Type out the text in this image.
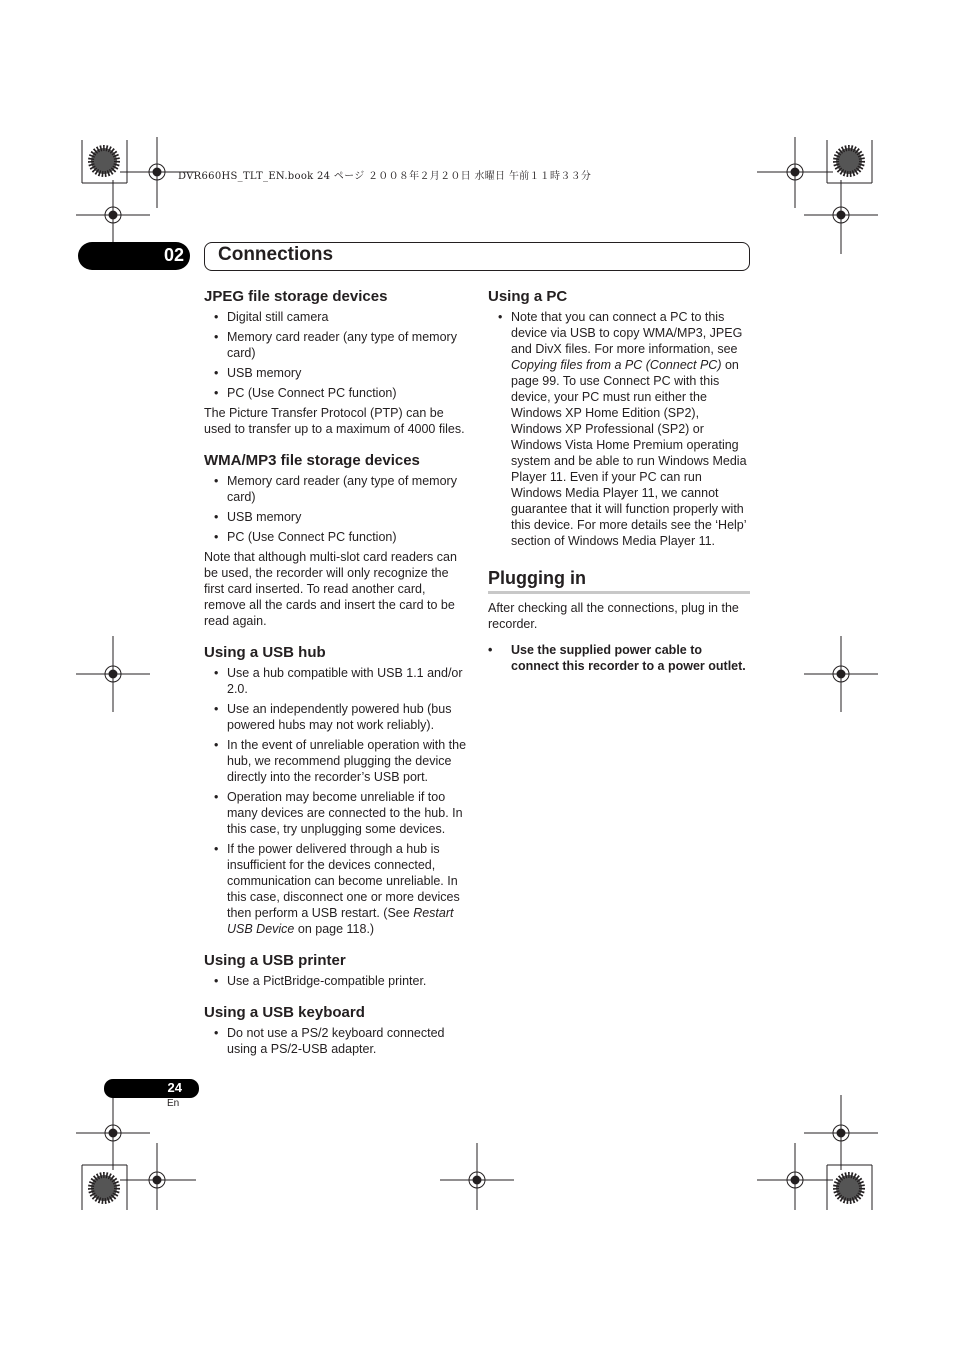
DVR660HS_TLT_EN.book 24 ページ ２００８年２月２０日 水曜日 午前１１時３３分
02 Connections
JPEG file storage devices
• Digital still camera
• Memory card reader (any type of memory card)
• USB memory
• PC (Use Connect PC function)

The Picture Transfer Protocol (PTP) can be used to transfer up to a maximum of 4000 files.

WMA/MP3 file storage devices
• Memory card reader (any type of memory card)
• USB memory
• PC (Use Connect PC function)

Note that although multi-slot card readers can be used, the recorder will only recognize the first card inserted. To read another card, remove all the cards and insert the card to be read again.

Using a USB hub
• Use a hub compatible with USB 1.1 and/or 2.0.
• Use an independently powered hub (bus powered hubs may not work reliably).
• In the event of unreliable operation with the hub, we recommend plugging the device directly into the recorder’s USB port.
• Operation may become unreliable if too many devices are connected to the hub. In this case, try unplugging some devices.
• If the power delivered through a hub is insufficient for the devices connected, communication can become unreliable. In this case, disconnect one or more devices then perform a USB restart. (See Restart USB Device on page 118.)
Using a USB printer
• Use a PictBridge-compatible printer.
Using a USB keyboard
• Do not use a PS/2 keyboard connected using a PS/2-USB adapter.
Using a PC
• Note that you can connect a PC to this device via USB to copy WMA/MP3, JPEG and DivX files. For more information, see Copying files from a PC (Connect PC) on page 99. To use Connect PC with this device, your PC must run either the Windows XP Home Edition (SP2), Windows XP Professional (SP2) or Windows Vista Home Premium operating system and be able to run Windows Media Player 11. Even if your PC can run Windows Media Player 11, we cannot guarantee that it will function properly with this device. For more details see the ‘Help’ section of Windows Media Player 11.
Plugging in

After checking all the connections, plug in the recorder.

• Use the supplied power cable to connect this recorder to a power outlet.
24
En
